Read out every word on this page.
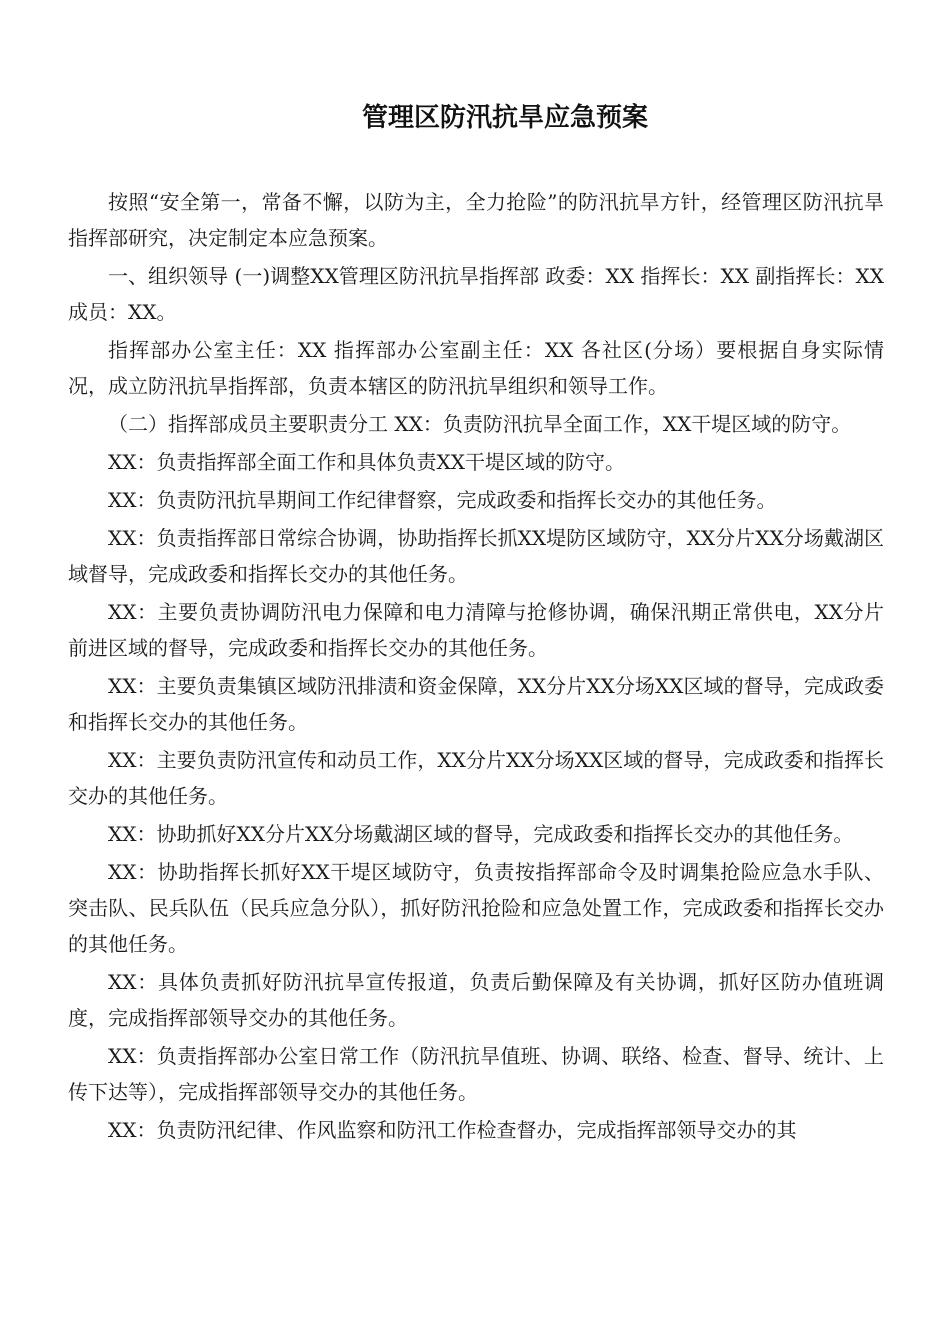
管理区防汛抗旱应急预案

按照“安全第一，常备不懈，以防为主，全力抢险”的防汛抗旱方针，经管理区防汛抗旱指挥部研究，决定制定本应急预案。

一、组织领导 (一)调整XX管理区防汛抗旱指挥部 政委：XX 指挥长：XX 副指挥长：XX 成员：XX。

指挥部办公室主任：XX 指挥部办公室副主任：XX 各社区(分场）要根据自身实际情况，成立防汛抗旱指挥部，负责本辖区的防汛抗旱组织和领导工作。

（二）指挥部成员主要职责分工 XX：负责防汛抗旱全面工作，XX干堤区域的防守。

XX：负责指挥部全面工作和具体负责XX干堤区域的防守。

XX：负责防汛抗旱期间工作纪律督察，完成政委和指挥长交办的其他任务。

XX：负责指挥部日常综合协调，协助指挥长抓XX堤防区域防守，XX分片XX分场戴湖区域督导，完成政委和指挥长交办的其他任务。

XX：主要负责协调防汛电力保障和电力清障与抢修协调，确保汛期正常供电，XX分片前进区域的督导，完成政委和指挥长交办的其他任务。

XX：主要负责集镇区域防汛排渍和资金保障，XX分片XX分场XX区域的督导，完成政委和指挥长交办的其他任务。

XX：主要负责防汛宣传和动员工作，XX分片XX分场XX区域的督导，完成政委和指挥长交办的其他任务。

XX：协助抓好XX分片XX分场戴湖区域的督导，完成政委和指挥长交办的其他任务。

XX：协助指挥长抓好XX干堤区域防守，负责按指挥部命令及时调集抢险应急水手队、突击队、民兵队伍（民兵应急分队），抓好防汛抢险和应急处置工作，完成政委和指挥长交办的其他任务。

XX：具体负责抓好防汛抗旱宣传报道，负责后勤保障及有关协调，抓好区防办值班调度，完成指挥部领导交办的其他任务。

XX：负责指挥部办公室日常工作（防汛抗旱值班、协调、联络、检查、督导、统计、上传下达等），完成指挥部领导交办的其他任务。

XX：负责防汛纪律、作风监察和防汛工作检查督办，完成指挥部领导交办的其
